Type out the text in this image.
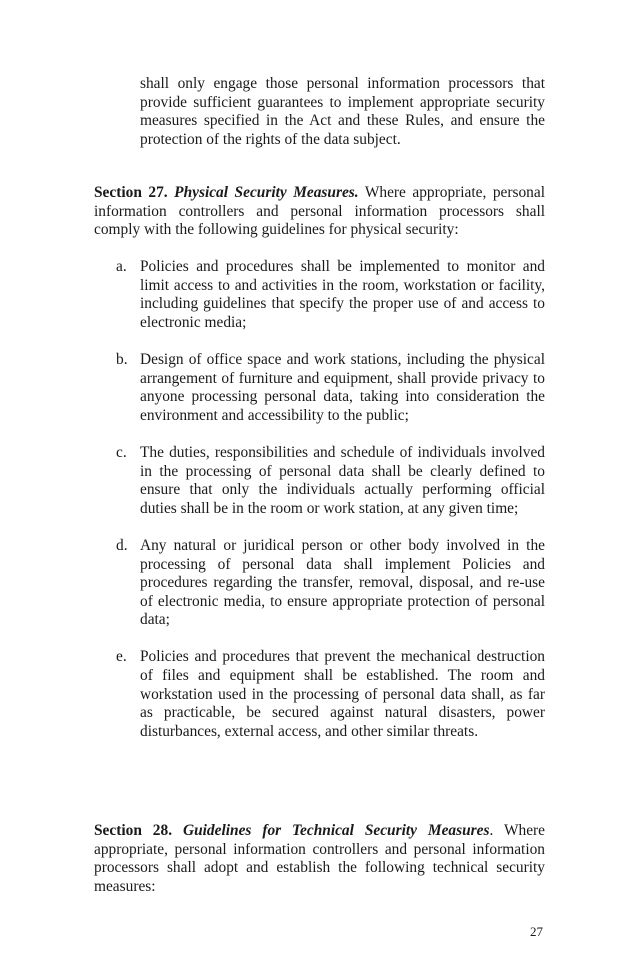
shall only engage those personal information processors that provide sufficient guarantees to implement appropriate security measures specified in the Act and these Rules, and ensure the protection of the rights of the data subject.

Section 27. Physical Security Measures. Where appropriate, personal information controllers and personal information processors shall comply with the following guidelines for physical security:

a. Policies and procedures shall be implemented to monitor and limit access to and activities in the room, workstation or facility, including guidelines that specify the proper use of and access to electronic media;

b. Design of office space and work stations, including the physical arrangement of furniture and equipment, shall provide privacy to anyone processing personal data, taking into consideration the environment and accessibility to the public;

c. The duties, responsibilities and schedule of individuals involved in the processing of personal data shall be clearly defined to ensure that only the individuals actually performing official duties shall be in the room or work station, at any given time;

d. Any natural or juridical person or other body involved in the processing of personal data shall implement Policies and procedures regarding the transfer, removal, disposal, and re-use of electronic media, to ensure appropriate protection of personal data;

e. Policies and procedures that prevent the mechanical destruction of files and equipment shall be established. The room and workstation used in the processing of personal data shall, as far as practicable, be secured against natural disasters, power disturbances, external access, and other similar threats.

Section 28. Guidelines for Technical Security Measures. Where appropriate, personal information controllers and personal information processors shall adopt and establish the following technical security measures:

27
